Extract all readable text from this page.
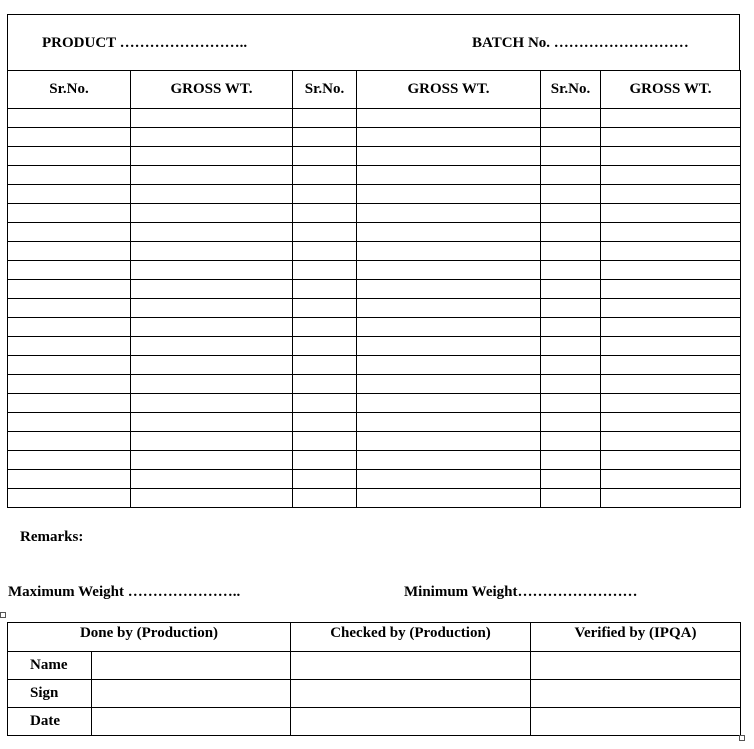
PRODUCT ……………………..	BATCH No. ………………………
Sr.No.	GROSS WT.	Sr.No.	GROSS WT.	Sr.No.	GROSS WT.

Remarks:
Maximum Weight …………………..	Minimum Weight……………………
Done by (Production)		Checked by (Production)	Verified by (IPQA)
Name			
Sign			
Date			
